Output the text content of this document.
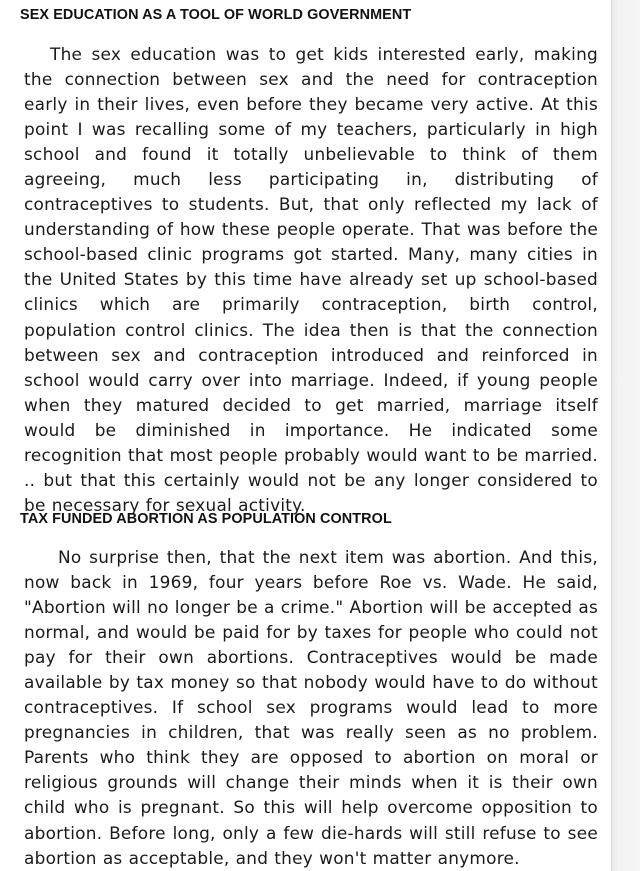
SEX EDUCATION AS A TOOL OF WORLD GOVERNMENT

The sex education was to get kids interested early, making the connection between sex and the need for contraception early in their lives, even before they became very active. At this point I was recalling some of my teachers, particularly in high school and found it totally unbelievable to think of them agreeing, much less participating in, distributing of contraceptives to students. But, that only reflected my lack of understanding of how these people operate. That was before the school-based clinic programs got started. Many, many cities in the United States by this time have already set up school-based clinics which are primarily contraception, birth control, population control clinics. The idea then is that the connection between sex and contraception introduced and reinforced in school would carry over into marriage. Indeed, if young people when they matured decided to get married, marriage itself would be diminished in importance. He indicated some recognition that most people probably would want to be married. .. but that this certainly would not be any longer considered to be necessary for sexual activity.

TAX FUNDED ABORTION AS POPULATION CONTROL

No surprise then, that the next item was abortion. And this, now back in 1969, four years before Roe vs. Wade. He said, "Abortion will no longer be a crime." Abortion will be accepted as normal, and would be paid for by taxes for people who could not pay for their own abortions. Contraceptives would be made available by tax money so that nobody would have to do without contraceptives. If school sex programs would lead to more pregnancies in children, that was really seen as no problem. Parents who think they are opposed to abortion on moral or religious grounds will change their minds when it is their own child who is pregnant. So this will help overcome opposition to abortion. Before long, only a few die-hards will still refuse to see abortion as acceptable, and they won't matter anymore.
